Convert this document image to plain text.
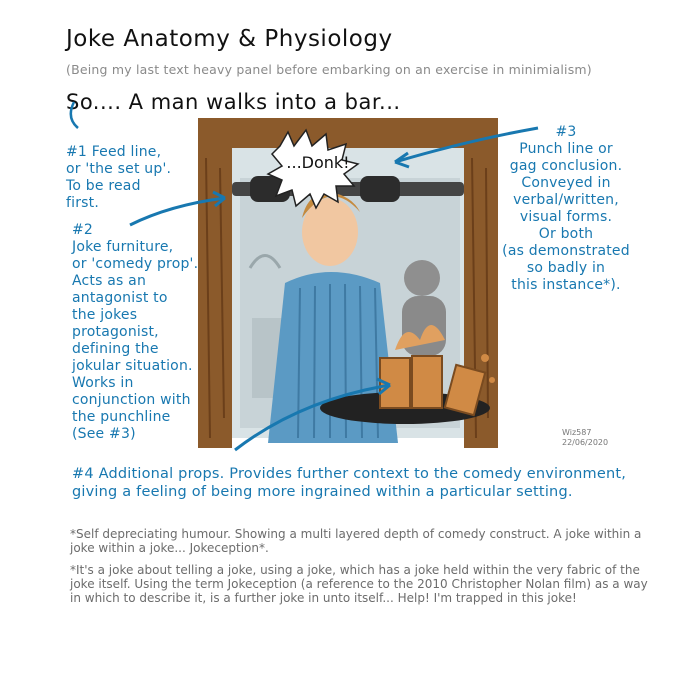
Joke Anatomy & Physiology
(Being my last text heavy panel before embarking on an exercise in minimialism)
So.... A man walks into a bar...
...Donk!
Wiz587
22/06/2020
#1 Feed line,
or 'the set up'.
To be read
first.
#2
Joke furniture,
or 'comedy prop'.
Acts as an
antagonist to
the jokes
protagonist,
defining the
jokular situation.
Works in
conjunction with
the punchline
(See #3)
#3
Punch line or
gag conclusion.
Conveyed in
verbal/written,
visual forms.
Or both
(as demonstrated
so badly in
this instance*).
#4 Additional props. Provides further context to the comedy environment, giving a feeling of being more ingrained within a particular setting.
*Self depreciating humour. Showing a multi layered depth of comedy construct. A joke within a joke within a joke... Jokeception*.
*It's a joke about telling a joke, using a joke, which has a joke held within the very fabric of the joke itself. Using the term Jokeception (a reference to the 2010 Christopher Nolan film) as a way in which to describe it, is a further joke in unto itself... Help! I'm trapped in this joke!
